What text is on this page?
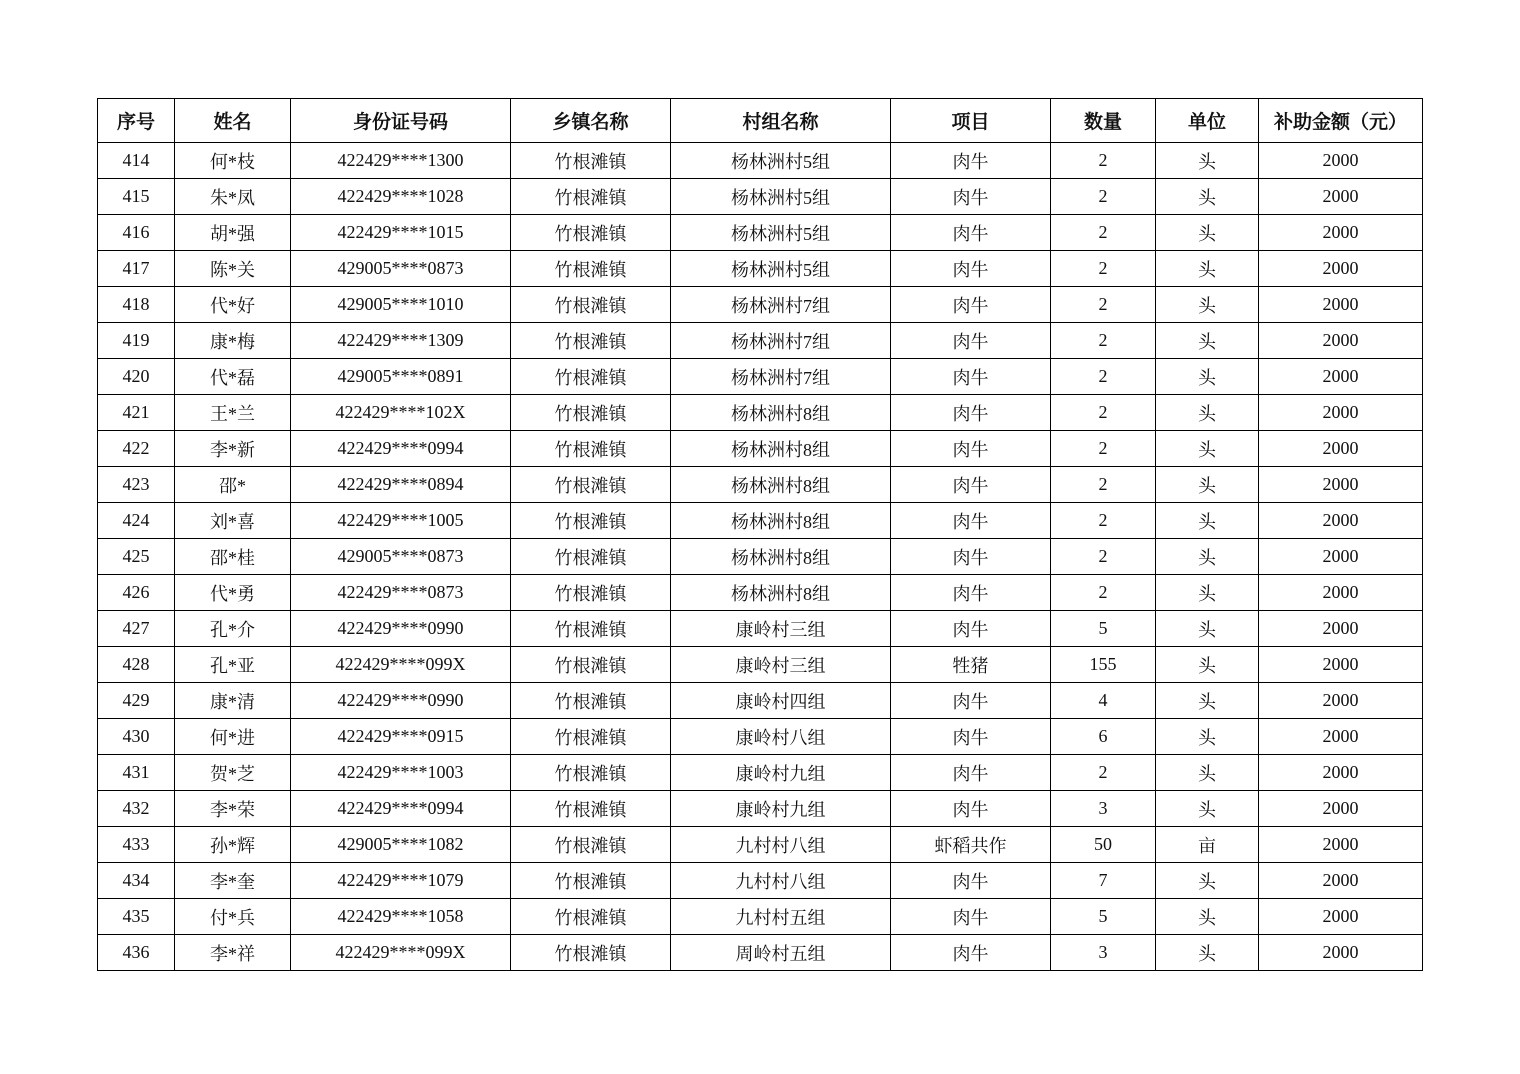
序号	姓名	身份证号码	乡镇名称	村组名称	项目	数量	单位	补助金额（元）
414	何*枝	422429****1300	竹根滩镇	杨林洲村5组	肉牛	2	头	2000
415	朱*凤	422429****1028	竹根滩镇	杨林洲村5组	肉牛	2	头	2000
416	胡*强	422429****1015	竹根滩镇	杨林洲村5组	肉牛	2	头	2000
417	陈*关	429005****0873	竹根滩镇	杨林洲村5组	肉牛	2	头	2000
418	代*好	429005****1010	竹根滩镇	杨林洲村7组	肉牛	2	头	2000
419	康*梅	422429****1309	竹根滩镇	杨林洲村7组	肉牛	2	头	2000
420	代*磊	429005****0891	竹根滩镇	杨林洲村7组	肉牛	2	头	2000
421	王*兰	422429****102X	竹根滩镇	杨林洲村8组	肉牛	2	头	2000
422	李*新	422429****0994	竹根滩镇	杨林洲村8组	肉牛	2	头	2000
423	邵*	422429****0894	竹根滩镇	杨林洲村8组	肉牛	2	头	2000
424	刘*喜	422429****1005	竹根滩镇	杨林洲村8组	肉牛	2	头	2000
425	邵*桂	429005****0873	竹根滩镇	杨林洲村8组	肉牛	2	头	2000
426	代*勇	422429****0873	竹根滩镇	杨林洲村8组	肉牛	2	头	2000
427	孔*介	422429****0990	竹根滩镇	康岭村三组	肉牛	5	头	2000
428	孔*亚	422429****099X	竹根滩镇	康岭村三组	牲猪	155	头	2000
429	康*清	422429****0990	竹根滩镇	康岭村四组	肉牛	4	头	2000
430	何*进	422429****0915	竹根滩镇	康岭村八组	肉牛	6	头	2000
431	贺*芝	422429****1003	竹根滩镇	康岭村九组	肉牛	2	头	2000
432	李*荣	422429****0994	竹根滩镇	康岭村九组	肉牛	3	头	2000
433	孙*辉	429005****1082	竹根滩镇	九村村八组	虾稻共作	50	亩	2000
434	李*奎	422429****1079	竹根滩镇	九村村八组	肉牛	7	头	2000
435	付*兵	422429****1058	竹根滩镇	九村村五组	肉牛	5	头	2000
436	李*祥	422429****099X	竹根滩镇	周岭村五组	肉牛	3	头	2000
